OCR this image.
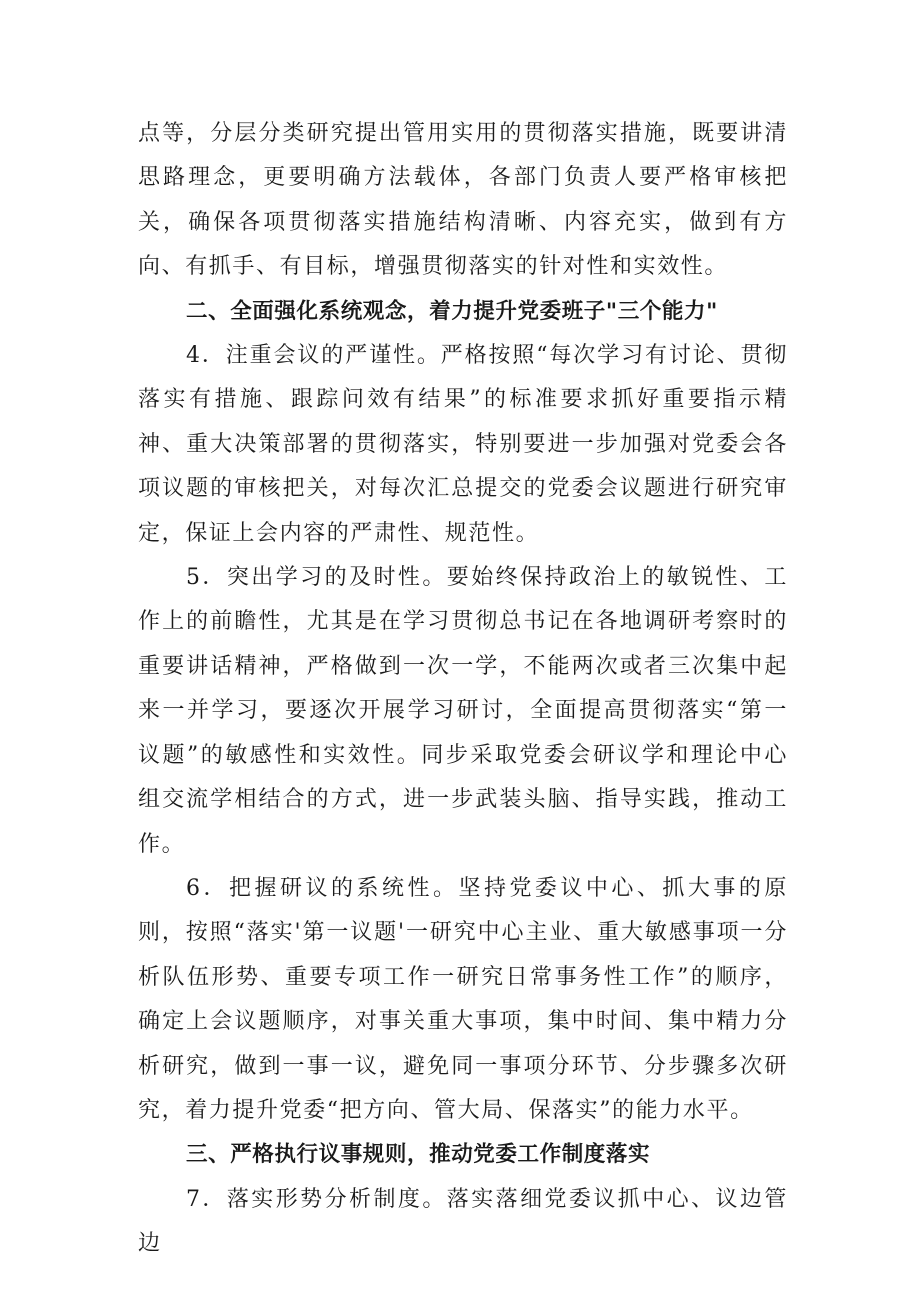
点等，分层分类研究提出管用实用的贯彻落实措施，既要讲清思路理念，更要明确方法载体，各部门负责人要严格审核把关，确保各项贯彻落实措施结构清晰、内容充实，做到有方向、有抓手、有目标，增强贯彻落实的针对性和实效性。

二、全面强化系统观念，着力提升党委班子"三个能力"

4．注重会议的严谨性。严格按照“每次学习有讨论、贯彻落实有措施、跟踪问效有结果”的标准要求抓好重要指示精神、重大决策部署的贯彻落实，特别要进一步加强对党委会各项议题的审核把关，对每次汇总提交的党委会议题进行研究审定，保证上会内容的严肃性、规范性。

5．突出学习的及时性。要始终保持政治上的敏锐性、工作上的前瞻性，尤其是在学习贯彻总书记在各地调研考察时的重要讲话精神，严格做到一次一学，不能两次或者三次集中起来一并学习，要逐次开展学习研讨，全面提高贯彻落实“第一议题”的敏感性和实效性。同步采取党委会研议学和理论中心组交流学相结合的方式，进一步武装头脑、指导实践，推动工作。

6．把握研议的系统性。坚持党委议中心、抓大事的原则，按照“落实'第一议题'一研究中心主业、重大敏感事项一分析队伍形势、重要专项工作一研究日常事务性工作”的顺序，确定上会议题顺序，对事关重大事项，集中时间、集中精力分析研究，做到一事一议，避免同一事项分环节、分步骤多次研究，着力提升党委“把方向、管大局、保落实”的能力水平。

三、严格执行议事规则，推动党委工作制度落实

7．落实形势分析制度。落实落细党委议抓中心、议边管边
